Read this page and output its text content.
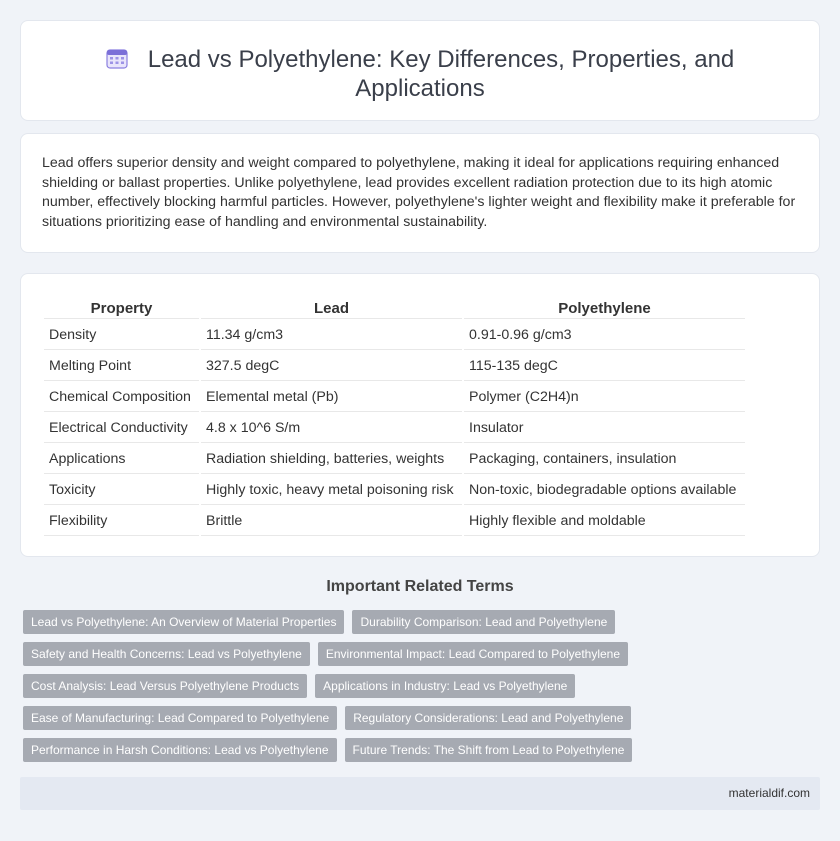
Lead vs Polyethylene: Key Differences, Properties, and Applications

Lead offers superior density and weight compared to polyethylene, making it ideal for applications requiring enhanced shielding or ballast properties. Unlike polyethylene, lead provides excellent radiation protection due to its high atomic number, effectively blocking harmful particles. However, polyethylene's lighter weight and flexibility make it preferable for situations prioritizing ease of handling and environmental sustainability.

Property	Lead	Polyethylene
Density	11.34 g/cm3	0.91-0.96 g/cm3
Melting Point	327.5 degC	115-135 degC
Chemical Composition	Elemental metal (Pb)	Polymer (C2H4)n
Electrical Conductivity	4.8 x 10^6 S/m	Insulator
Applications	Radiation shielding, batteries, weights	Packaging, containers, insulation
Toxicity	Highly toxic, heavy metal poisoning risk	Non-toxic, biodegradable options available
Flexibility	Brittle	Highly flexible and moldable
Important Related Terms
Lead vs Polyethylene: An Overview of Material Properties	Durability Comparison: Lead and Polyethylene
Safety and Health Concerns: Lead vs Polyethylene	Environmental Impact: Lead Compared to Polyethylene
Cost Analysis: Lead Versus Polyethylene Products	Applications in Industry: Lead vs Polyethylene
Ease of Manufacturing: Lead Compared to Polyethylene	Regulatory Considerations: Lead and Polyethylene
Performance in Harsh Conditions: Lead vs Polyethylene	Future Trends: The Shift from Lead to Polyethylene
materialdif.com
